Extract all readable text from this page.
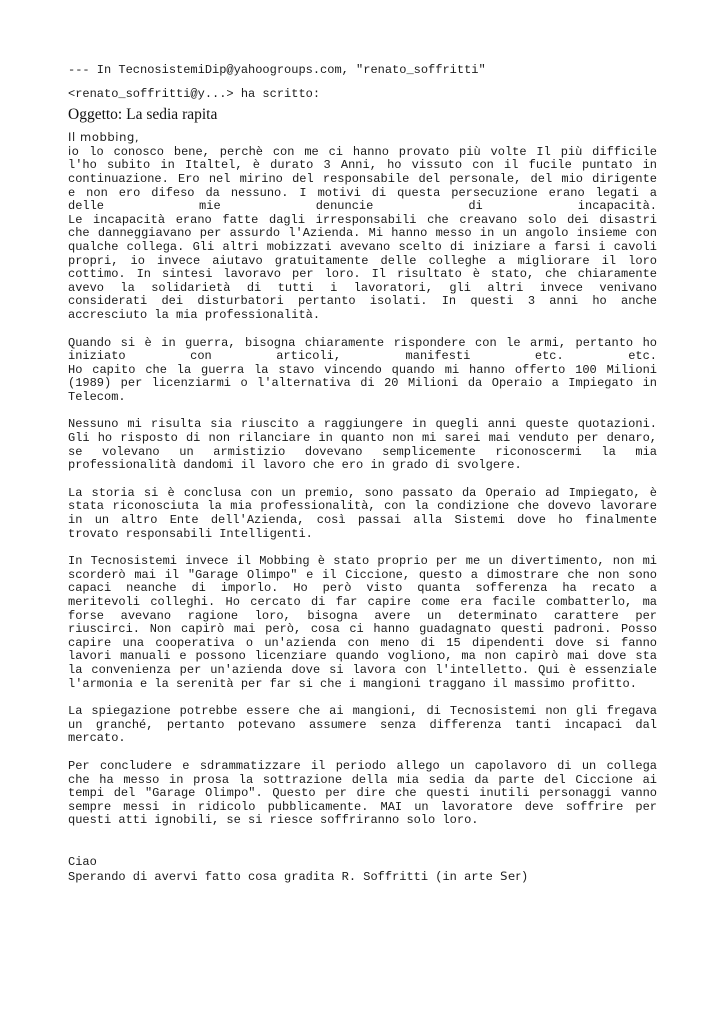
--- In TecnosistemiDip@yahoogroups.com, "renato_soffritti"
<renato_soffritti@y...> ha scritto:
Oggetto: La sedia rapita
Il mobbing,
io lo conosco bene, perchè con me ci hanno provato più volte Il più difficile
l'ho subito in Italtel, è durato 3 Anni, ho vissuto con il fucile puntato in
continuazione. Ero nel mirino del responsabile del personale, del mio dirigente
e non ero difeso da nessuno. I motivi di questa persecuzione erano legati a
delle mie denuncie di incapacità.
Le incapacità erano fatte dagli irresponsabili che creavano solo dei disastri
che danneggiavano per assurdo l'Azienda. Mi hanno messo in un angolo insieme con
qualche collega. Gli altri mobizzati avevano scelto di iniziare a farsi i cavoli
propri, io invece aiutavo gratuitamente delle colleghe a migliorare il loro
cottimo. In sintesi lavoravo per loro. Il risultato è stato, che chiaramente
avevo la solidarietà di tutti i lavoratori, gli altri invece venivano
considerati dei disturbatori pertanto isolati. In questi 3 anni ho anche
accresciuto la mia professionalità.
Quando si è in guerra, bisogna chiaramente rispondere con le armi, pertanto ho
iniziato con articoli, manifesti etc. etc.
Ho capito che la guerra la stavo vincendo quando mi hanno offerto 100 Milioni
(1989) per licenziarmi o l'alternativa di 20 Milioni da Operaio a Impiegato in
Telecom.
Nessuno mi risulta sia riuscito a raggiungere in quegli anni queste quotazioni.
Gli ho risposto di non rilanciare in quanto non mi sarei mai venduto per denaro,
se volevano un armistizio dovevano semplicemente riconoscermi la mia
professionalità dandomi il lavoro che ero in grado di svolgere.
La storia si è conclusa con un premio, sono passato da Operaio ad Impiegato, è
stata riconosciuta la mia professionalità, con la condizione che dovevo lavorare
in un altro Ente dell'Azienda, così passai alla Sistemi dove ho finalmente
trovato responsabili Intelligenti.
In Tecnosistemi invece il Mobbing è stato proprio per me un divertimento, non mi
scorderò mai il "Garage Olimpo" e il Ciccione, questo a dimostrare che non sono
capaci neanche di imporlo. Ho però visto quanta sofferenza ha recato a
meritevoli colleghi. Ho cercato di far capire come era facile combatterlo, ma
forse avevano ragione loro, bisogna avere un determinato carattere per
riuscirci. Non capirò mai però, cosa ci hanno guadagnato questi padroni. Posso
capire una cooperativa o un'azienda con meno di 15 dipendenti dove si fanno
lavori manuali e possono licenziare quando vogliono, ma non capirò mai dove sta
la convenienza per un'azienda dove si lavora con l'intelletto. Qui è essenziale
l'armonia e la serenità per far si che i mangioni traggano il massimo profitto.
La spiegazione potrebbe essere che ai mangioni, di Tecnosistemi non gli fregava
un granché, pertanto potevano assumere senza differenza tanti incapaci dal
mercato.
Per concludere e sdrammatizzare il periodo allego un capolavoro di un collega
che ha messo in prosa la sottrazione della mia sedia da parte del Ciccione ai
tempi del "Garage Olimpo". Questo per dire che questi inutili personaggi vanno
sempre messi in ridicolo pubblicamente. MAI un lavoratore deve soffrire per
questi atti ignobili, se si riesce soffriranno solo loro.
Ciao
Sperando di avervi fatto cosa gradita R. Soffritti (in arte Ser)
